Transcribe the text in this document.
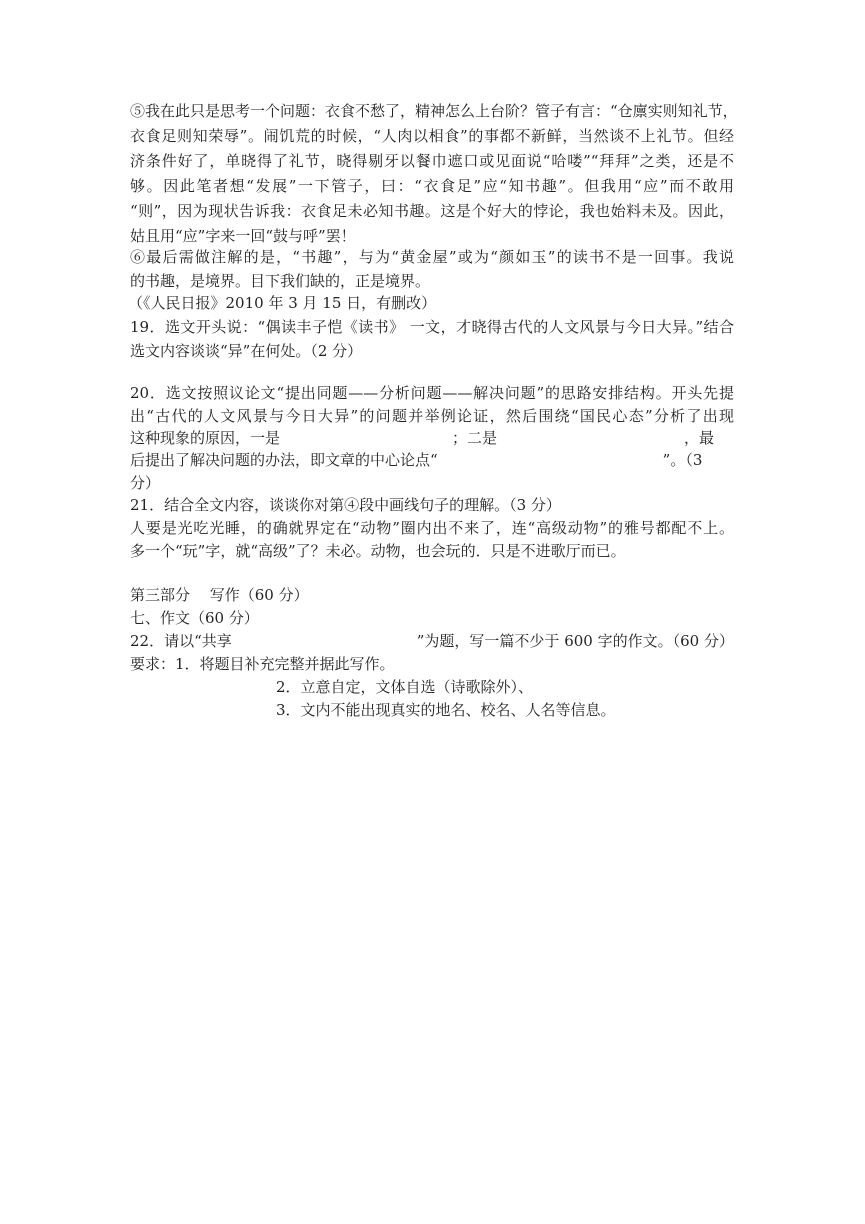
⑤我在此只是思考一个问题：衣食不愁了，精神怎么上台阶？管子有言：“仓廪实则知礼节，
衣食足则知荣辱”。闹饥荒的时候，“人肉以相食”的事都不新鲜，当然谈不上礼节。但经
济条件好了，单晓得了礼节，晓得剔牙以餐巾遮口或见面说“哈喽”“拜拜”之类，还是不
够。因此笔者想“发展”一下管子，曰：“衣食足”应“知书趣”。但我用“应”而不敢用
“则”，因为现状告诉我：衣食足未必知书趣。这是个好大的悖论，我也始料未及。因此，
姑且用“应”字来一回“鼓与呼”罢！
⑥最后需做注解的是，“书趣”，与为“黄金屋”或为“颜如玉”的读书不是一回事。我说
的书趣，是境界。目下我们缺的，正是境界。
（《人民日报》2010 年 3 月 15 日，有删改）
19．选文开头说：“偶读丰子恺《读书》 一文，才晓得古代的人文风景与今日大异。”结合
选文内容谈谈“异”在何处。（2 分）
20．选文按照议论文“提出同题——分析问题——解决问题”的思路安排结构。开头先提
出“古代的人文风景与今日大异”的问题并举例论证，然后围绕“国民心态”分析了出现
这种现象的原因，一是	；二是	，最
后提出了解决问题的办法，即文章的中心论点“	”。（3
分）
21．结合全文内容，谈谈你对第④段中画线句子的理解。（3 分）
人要是光吃光睡，的确就界定在“动物”圈内出不来了，连“高级动物”的雅号都配不上。
多一个“玩”字，就“高级”了？未必。动物，也会玩的．只是不进歌厅而已。
第三部分　 写作（60 分）
七、作文（60 分）
22．请以“共享	”为题，写一篇不少于 600 字的作文。（60 分）
要求：1．将题目补充完整并据此写作。
2．立意自定，文体自选（诗歌除外）、
3．文内不能出现真实的地名、校名、人名等信息。
